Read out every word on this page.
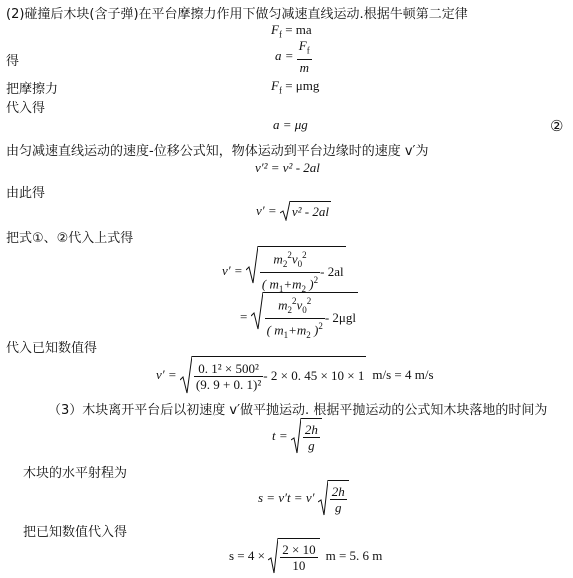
(2)碰撞后木块(含子弹)在平台摩擦力作用下做匀减速直线运动.根据牛顿第二定律
$F_f$ = ma
得	$a = \frac{F_f}{m}$
把摩擦力	$F_f = \mu mg$
代入得
a = μg	②
由匀减速直线运动的速度-位移公式知，物体运动到平台边缘时的速度 v′为
v′² = v² - 2al
由此得
v′ =
v² - 2al
把式①、②代入上式得
v′ =
$\frac{m_2^2v_0^2}{( m_1+m_2 )^2} - 2al$
=
$\frac{m_2^2v_0^2}{( m_1+m_2 )^2} - 2\mu gl$
代入已知数值得
v′ =
$\frac{\text{0. 1² × 500²}}{\text{(9. 9 + 0. 1)²}} - 2 \times 0$. 45 × 10 × 1 m/s = 4 m/s
（3）木块离开平台后以初速度 v′做平抛运动. 根据平抛运动的公式知木块落地的时间为
t =
$\frac{2h}{g}$
木块的水平射程为
s = v′t = v′
$\frac{2h}{g}$
把已知数值代入得
s = 4 ×
$\frac{2 \times 10}{10}$ m = 5. 6 m
